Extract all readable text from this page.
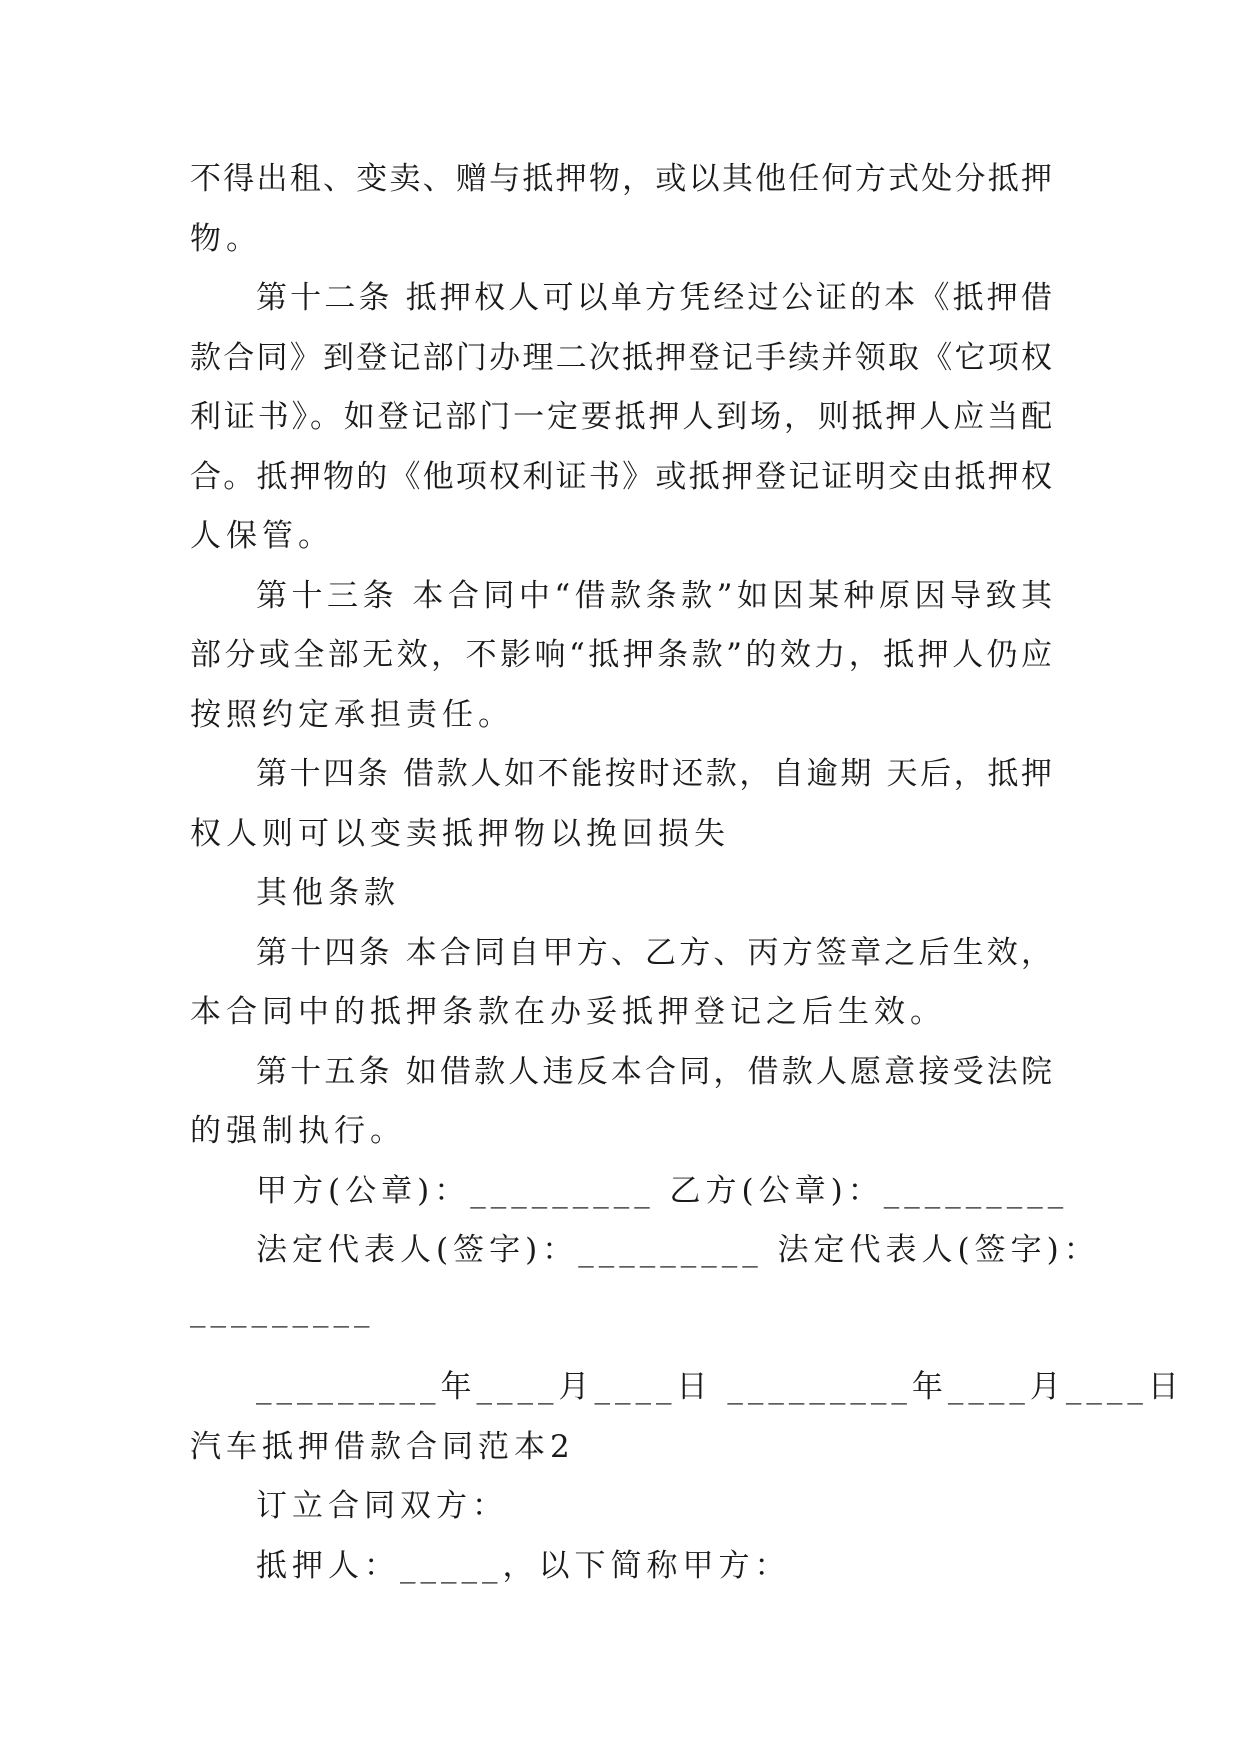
不得出租、变卖、赠与抵押物，或以其他任何方式处分抵押
物。
第十二条 抵押权人可以单方凭经过公证的本《抵押借
款合同》到登记部门办理二次抵押登记手续并领取《它项权
利证书》。如登记部门一定要抵押人到场，则抵押人应当配
合。抵押物的《他项权利证书》或抵押登记证明交由抵押权
人保管。
第十三条 本合同中“借款条款”如因某种原因导致其
部分或全部无效，不影响“抵押条款”的效力，抵押人仍应
按照约定承担责任。
第十四条 借款人如不能按时还款，自逾期 天后，抵押
权人则可以变卖抵押物以挽回损失
其他条款
第十四条 本合同自甲方、乙方、丙方签章之后生效，
本合同中的抵押条款在办妥抵押登记之后生效。
第十五条 如借款人违反本合同，借款人愿意接受法院
的强制执行。
甲方(公章)：_________ 乙方(公章)：_________
法定代表人(签字)：_________ 法定代表人(签字)：
_________
_________年____月____日 _________年____月____日
汽车抵押借款合同范本2
订立合同双方：
抵押人：_____，以下简称甲方：
